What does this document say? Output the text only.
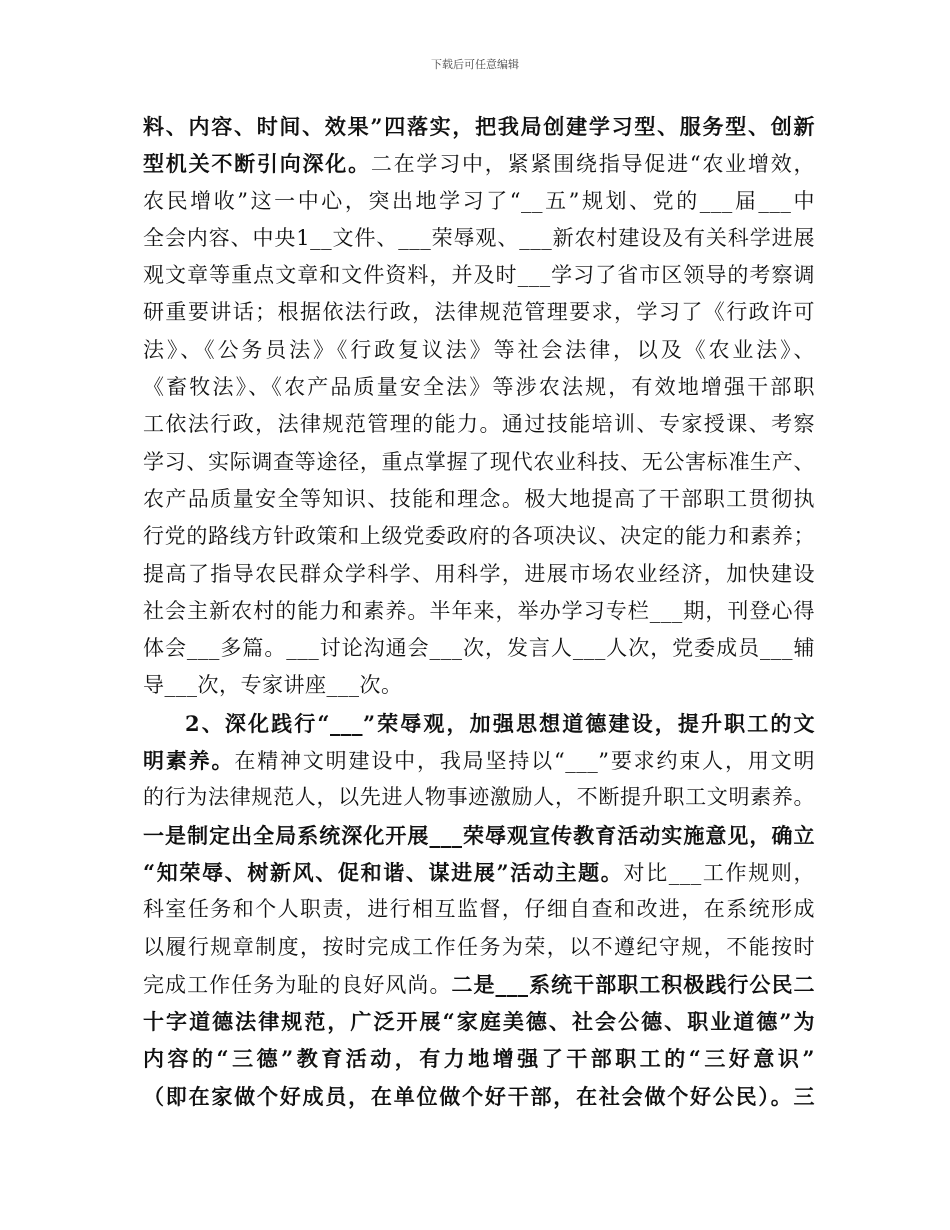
下载后可任意编辑
料、内容、时间、效果”四落实，把我局创建学习型、服务型、创新
型机关不断引向深化。二在学习中，紧紧围绕指导促进“农业增效，
农民增收”这一中心，突出地学习了“__五”规划、党的___届___中
全会内容、中央1__文件、___荣辱观、___新农村建设及有关科学进展
观文章等重点文章和文件资料，并及时___学习了省市区领导的考察调
研重要讲话；根据依法行政，法律规范管理要求，学习了《行政许可
法》、《公务员法》《行政复议法》等社会法律，以及《农业法》、
《畜牧法》、《农产品质量安全法》等涉农法规，有效地增强干部职
工依法行政，法律规范管理的能力。通过技能培训、专家授课、考察
学习、实际调查等途径，重点掌握了现代农业科技、无公害标准生产、
农产品质量安全等知识、技能和理念。极大地提高了干部职工贯彻执
行党的路线方针政策和上级党委政府的各项决议、决定的能力和素养；
提高了指导农民群众学科学、用科学，进展市场农业经济，加快建设
社会主新农村的能力和素养。半年来，举办学习专栏___期，刊登心得
体会___多篇。___讨论沟通会___次，发言人___人次，党委成员___辅
导___次，专家讲座___次。
2、深化践行“___”荣辱观，加强思想道德建设，提升职工的文
明素养。在精神文明建设中，我局坚持以“___”要求约束人，用文明
的行为法律规范人，以先进人物事迹激励人，不断提升职工文明素养。
一是制定出全局系统深化开展___荣辱观宣传教育活动实施意见，确立
“知荣辱、树新风、促和谐、谋进展”活动主题。对比___工作规则，
科室任务和个人职责，进行相互监督，仔细自查和改进，在系统形成
以履行规章制度，按时完成工作任务为荣，以不遵纪守规，不能按时
完成工作任务为耻的良好风尚。二是___系统干部职工积极践行公民二
十字道德法律规范，广泛开展“家庭美德、社会公德、职业道德”为
内容的“三德”教育活动，有力地增强了干部职工的“三好意识”
（即在家做个好成员，在单位做个好干部，在社会做个好公民）。三
